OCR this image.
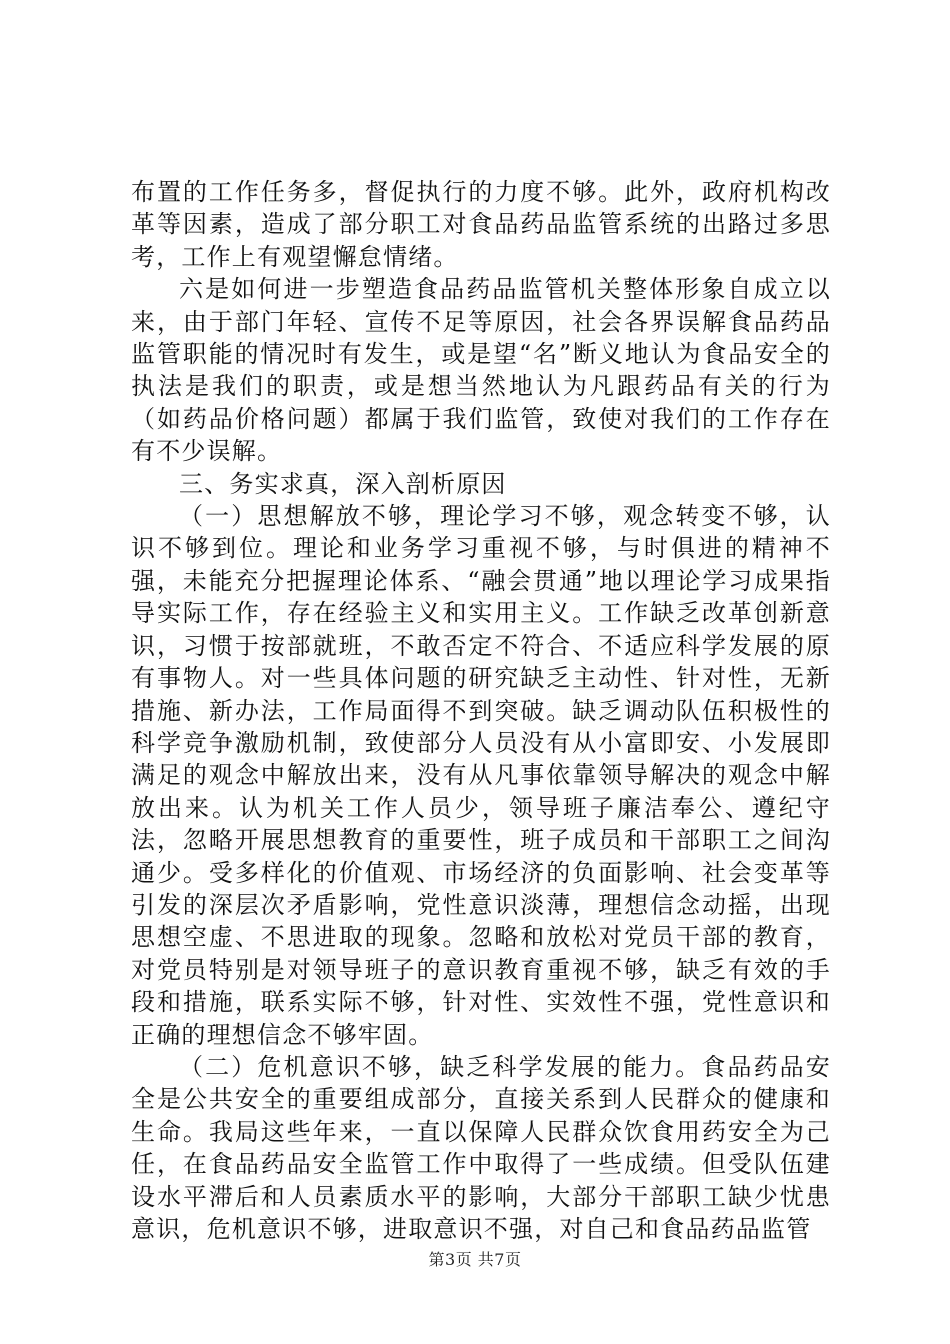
布置的工作任务多，督促执行的力度不够。此外，政府机构改革等因素，造成了部分职工对食品药品监管系统的出路过多思考，工作上有观望懈怠情绪。

六是如何进一步塑造食品药品监管机关整体形象自成立以来，由于部门年轻、宣传不足等原因，社会各界误解食品药品监管职能的情况时有发生，或是望“名”断义地认为食品安全的执法是我们的职责，或是想当然地认为凡跟药品有关的行为（如药品价格问题）都属于我们监管，致使对我们的工作存在有不少误解。

三、务实求真，深入剖析原因

（一）思想解放不够，理论学习不够，观念转变不够，认识不够到位。理论和业务学习重视不够，与时俱进的精神不强，未能充分把握理论体系、“融会贯通”地以理论学习成果指导实际工作，存在经验主义和实用主义。工作缺乏改革创新意识，习惯于按部就班，不敢否定不符合、不适应科学发展的原有事物人。对一些具体问题的研究缺乏主动性、针对性，无新措施、新办法，工作局面得不到突破。缺乏调动队伍积极性的科学竞争激励机制，致使部分人员没有从小富即安、小发展即满足的观念中解放出来，没有从凡事依靠领导解决的观念中解放出来。认为机关工作人员少，领导班子廉洁奉公、遵纪守法，忽略开展思想教育的重要性，班子成员和干部职工之间沟通少。受多样化的价值观、市场经济的负面影响、社会变革等引发的深层次矛盾影响，党性意识淡薄，理想信念动摇，出现思想空虚、不思进取的现象。忽略和放松对党员干部的教育，对党员特别是对领导班子的意识教育重视不够，缺乏有效的手段和措施，联系实际不够，针对性、实效性不强，党性意识和正确的理想信念不够牢固。

（二）危机意识不够，缺乏科学发展的能力。食品药品安全是公共安全的重要组成部分，直接关系到人民群众的健康和生命。我局这些年来，一直以保障人民群众饮食用药安全为己任，在食品药品安全监管工作中取得了一些成绩。但受队伍建设水平滞后和人员素质水平的影响，大部分干部职工缺少忧患意识，危机意识不够，进取意识不强，对自己和食品药品监管

第3页 共7页
